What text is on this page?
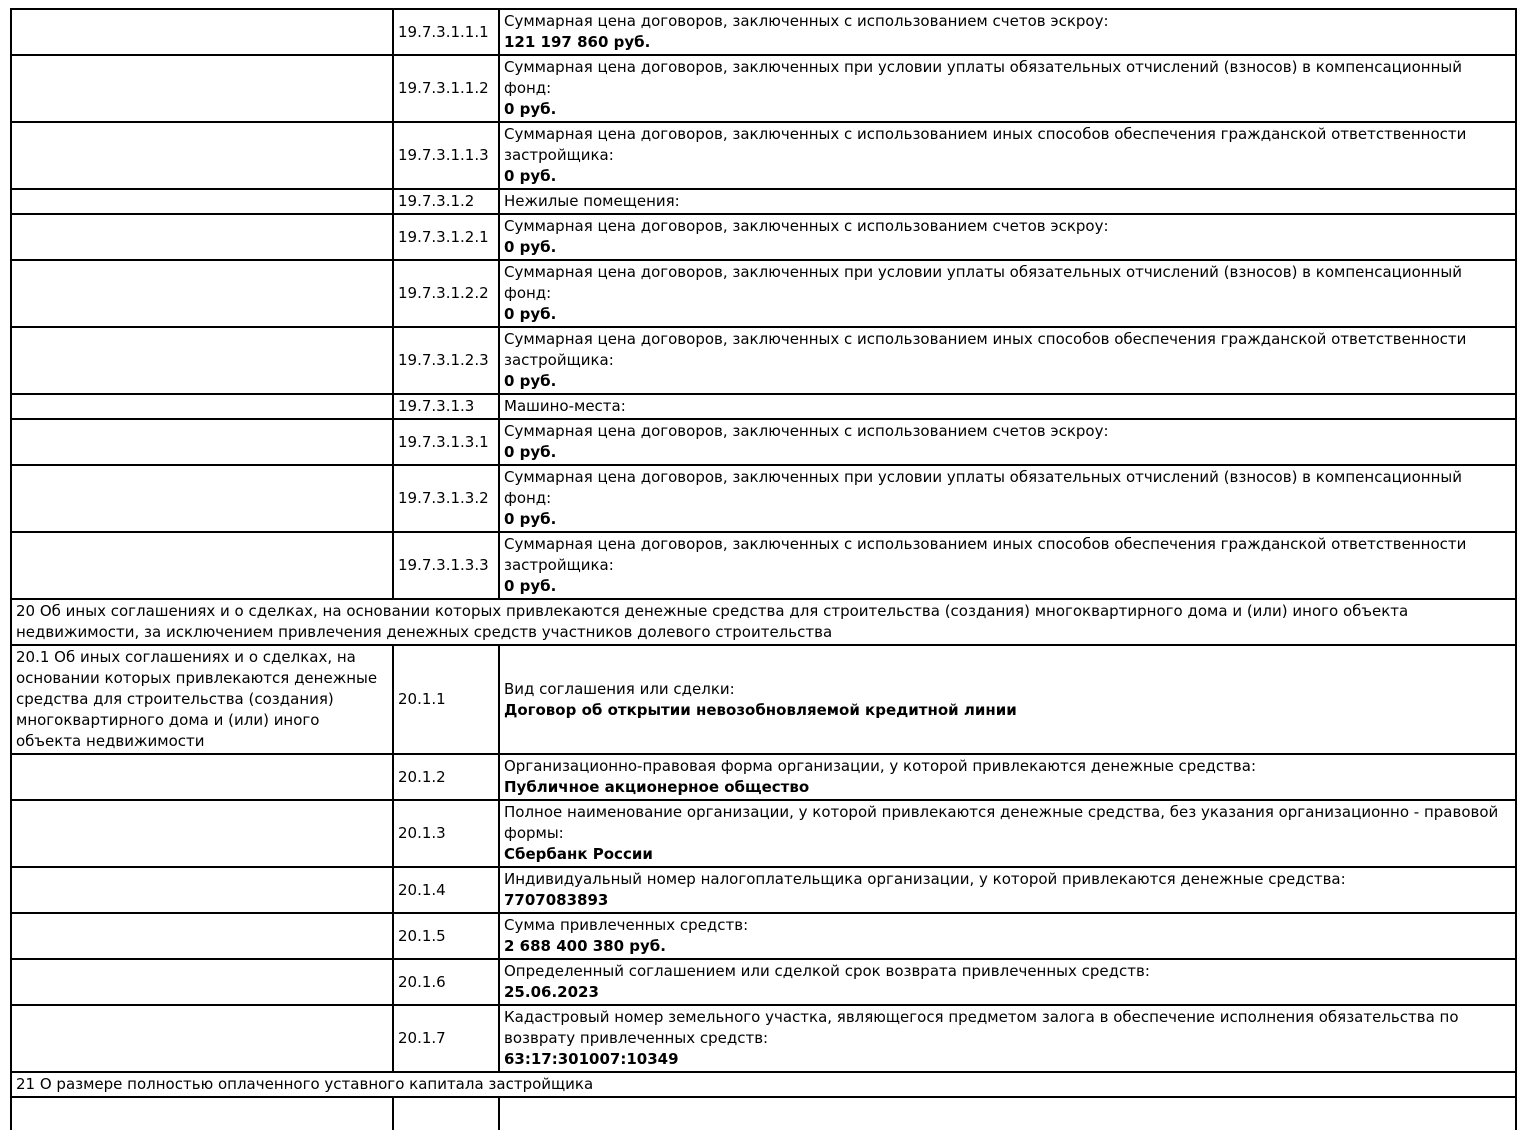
	19.7.3.1.1.1	Суммарная цена договоров, заключенных с использованием счетов эскроу:
121 197 860 руб.

	19.7.3.1.1.2	Суммарная цена договоров, заключенных при условии уплаты обязательных отчислений (взносов) в компенсационный фонд:
0 руб.

	19.7.3.1.1.3	Суммарная цена договоров, заключенных с использованием иных способов обеспечения гражданской ответственности застройщика:
0 руб.

	19.7.3.1.2	Нежилые помещения:

	19.7.3.1.2.1	Суммарная цена договоров, заключенных с использованием счетов эскроу:
0 руб.

	19.7.3.1.2.2	Суммарная цена договоров, заключенных при условии уплаты обязательных отчислений (взносов) в компенсационный фонд:
0 руб.

	19.7.3.1.2.3	Суммарная цена договоров, заключенных с использованием иных способов обеспечения гражданской ответственности застройщика:
0 руб.

	19.7.3.1.3	Машино-места:

	19.7.3.1.3.1	Суммарная цена договоров, заключенных с использованием счетов эскроу:
0 руб.

	19.7.3.1.3.2	Суммарная цена договоров, заключенных при условии уплаты обязательных отчислений (взносов) в компенсационный фонд:
0 руб.

	19.7.3.1.3.3	Суммарная цена договоров, заключенных с использованием иных способов обеспечения гражданской ответственности застройщика:
0 руб.

20 Об иных соглашениях и о сделках, на основании которых привлекаются денежные средства для строительства (создания) многоквартирного дома и (или) иного объекта недвижимости, за исключением привлечения денежных средств участников долевого строительства		
20.1 Об иных соглашениях и о сделках, на основании которых привлекаются денежные средства для строительства (создания) многоквартирного дома и (или) иного объекта недвижимости	20.1.1	Вид соглашения или сделки:
Договор об открытии невозобновляемой кредитной линии

	20.1.2	Организационно-правовая форма организации, у которой привлекаются денежные средства:
Публичное акционерное общество

	20.1.3	Полное наименование организации, у которой привлекаются денежные средства, без указания организационно - правовой формы:
Сбербанк России

	20.1.4	Индивидуальный номер налогоплательщика организации, у которой привлекаются денежные средства:
7707083893

	20.1.5	Сумма привлеченных средств:
2 688 400 380 руб.

	20.1.6	Определенный соглашением или сделкой срок возврата привлеченных средств:
25.06.2023

	20.1.7	Кадастровый номер земельного участка, являющегося предметом залога в обеспечение исполнения обязательства по возврату привлеченных средств:
63:17:301007:10349

21 О размере полностью оплаченного уставного капитала застройщика		
